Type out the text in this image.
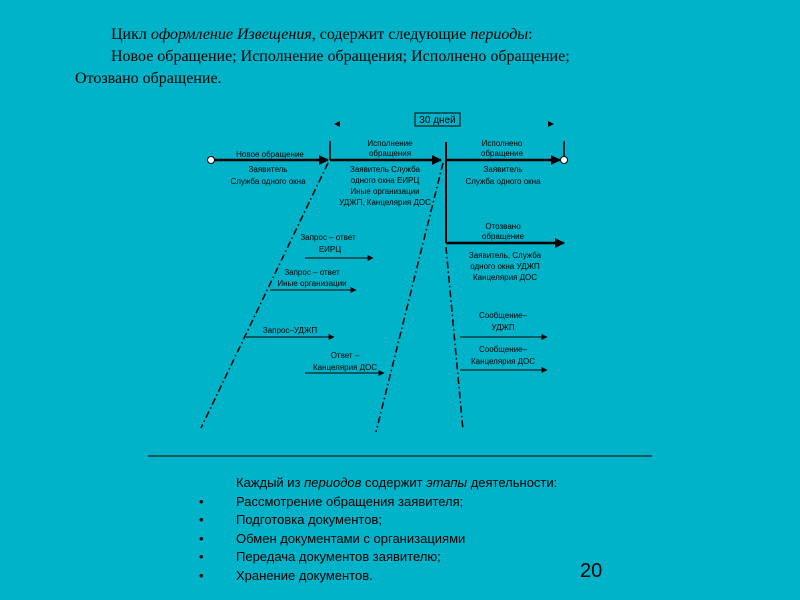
Цикл оформление Извещения, содержит следующие периоды:

Новое обращение; Исполнение обращения; Исполнено обращение;

Отозвано обращение.

30 дней
Новое обращение
Исполнение
обращения
Исполнено
обращение
Отозвано
обращение
Заявитель
Служба одного окна
Заявитель Служба
одного окна ЕИРЦ
Иные организации
УДЖП, Канцелярия ДОС
Заявитель
Служба одного окна
Заявитель, Служба
одного окна УДЖП
Канцелярия ДОС
Запрос – ответ
ЕИРЦ
Запрос – ответ
Иные организации
Запрос–УДЖП
Ответ –
Канцелярия ДОС
Сообщение–
УДЖП
Сообщение–
Канцелярия ДОС
Каждый из периодов содержит этапы деятельности:
• Рассмотрение обращения заявителя;
• Подготовка документов;
• Обмен документами с организациями
• Передача документов заявителю;
• Хранение документов.	20
